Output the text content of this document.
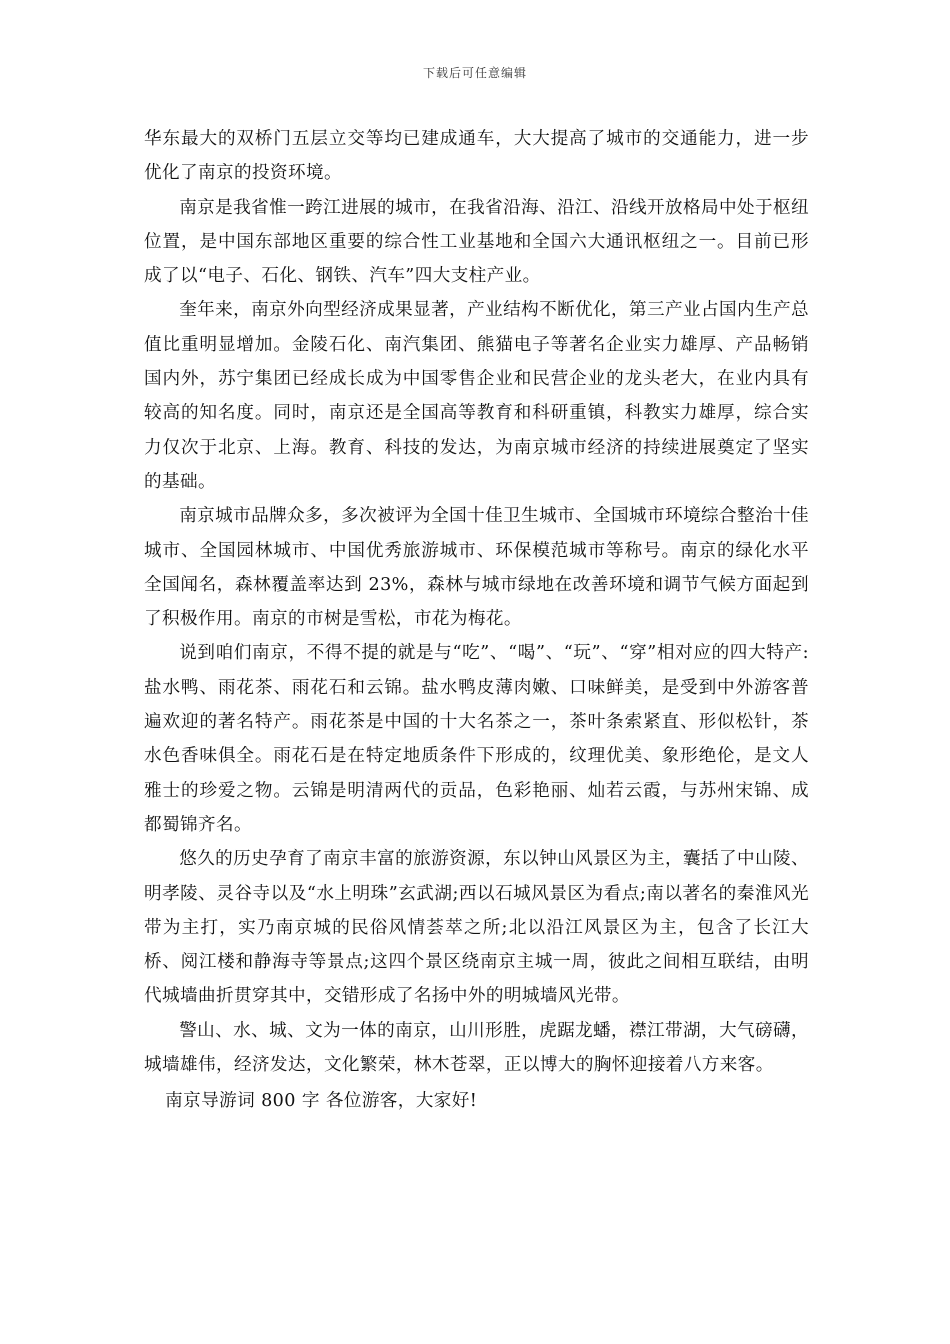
下载后可任意编辑

华东最大的双桥门五层立交等均已建成通车，大大提高了城市的交通能力，进一步优化了南京的投资环境。

南京是我省惟一跨江进展的城市，在我省沿海、沿江、沿线开放格局中处于枢纽位置，是中国东部地区重要的综合性工业基地和全国六大通讯枢纽之一。目前已形成了以“电子、石化、钢铁、汽车”四大支柱产业。

奎年来，南京外向型经济成果显著，产业结构不断优化，第三产业占国内生产总值比重明显增加。金陵石化、南汽集团、熊猫电子等著名企业实力雄厚、产品畅销国内外，苏宁集团已经成长成为中国零售企业和民营企业的龙头老大，在业内具有较高的知名度。同时，南京还是全国高等教育和科研重镇，科教实力雄厚，综合实力仅次于北京、上海。教育、科技的发达，为南京城市经济的持续进展奠定了坚实的基础。

南京城市品牌众多，多次被评为全国十佳卫生城市、全国城市环境综合整治十佳城市、全国园林城市、中国优秀旅游城市、环保模范城市等称号。南京的绿化水平全国闻名，森林覆盖率达到 23%，森林与城市绿地在改善环境和调节气候方面起到了积极作用。南京的市树是雪松，市花为梅花。

说到咱们南京，不得不提的就是与“吃”、“喝”、“玩”、“穿”相对应的四大特产:盐水鸭、雨花茶、雨花石和云锦。盐水鸭皮薄肉嫩、口味鲜美，是受到中外游客普遍欢迎的著名特产。雨花茶是中国的十大名茶之一，茶叶条索紧直、形似松针，茶水色香味俱全。雨花石是在特定地质条件下形成的，纹理优美、象形绝伦，是文人雅士的珍爱之物。云锦是明清两代的贡品，色彩艳丽、灿若云霞，与苏州宋锦、成都蜀锦齐名。

悠久的历史孕育了南京丰富的旅游资源，东以钟山风景区为主，囊括了中山陵、明孝陵、灵谷寺以及“水上明珠”玄武湖;西以石城风景区为看点;南以著名的秦淮风光带为主打，实乃南京城的民俗风情荟萃之所;北以沿江风景区为主，包含了长江大桥、阅江楼和静海寺等景点;这四个景区绕南京主城一周，彼此之间相互联结，由明代城墙曲折贯穿其中，交错形成了名扬中外的明城墙风光带。

警山、水、城、文为一体的南京，山川形胜，虎踞龙蟠，襟江带湖，大气磅礴，城墙雄伟，经济发达，文化繁荣，林木苍翠，正以博大的胸怀迎接着八方来客。

南京导游词 800 字 各位游客，大家好!
